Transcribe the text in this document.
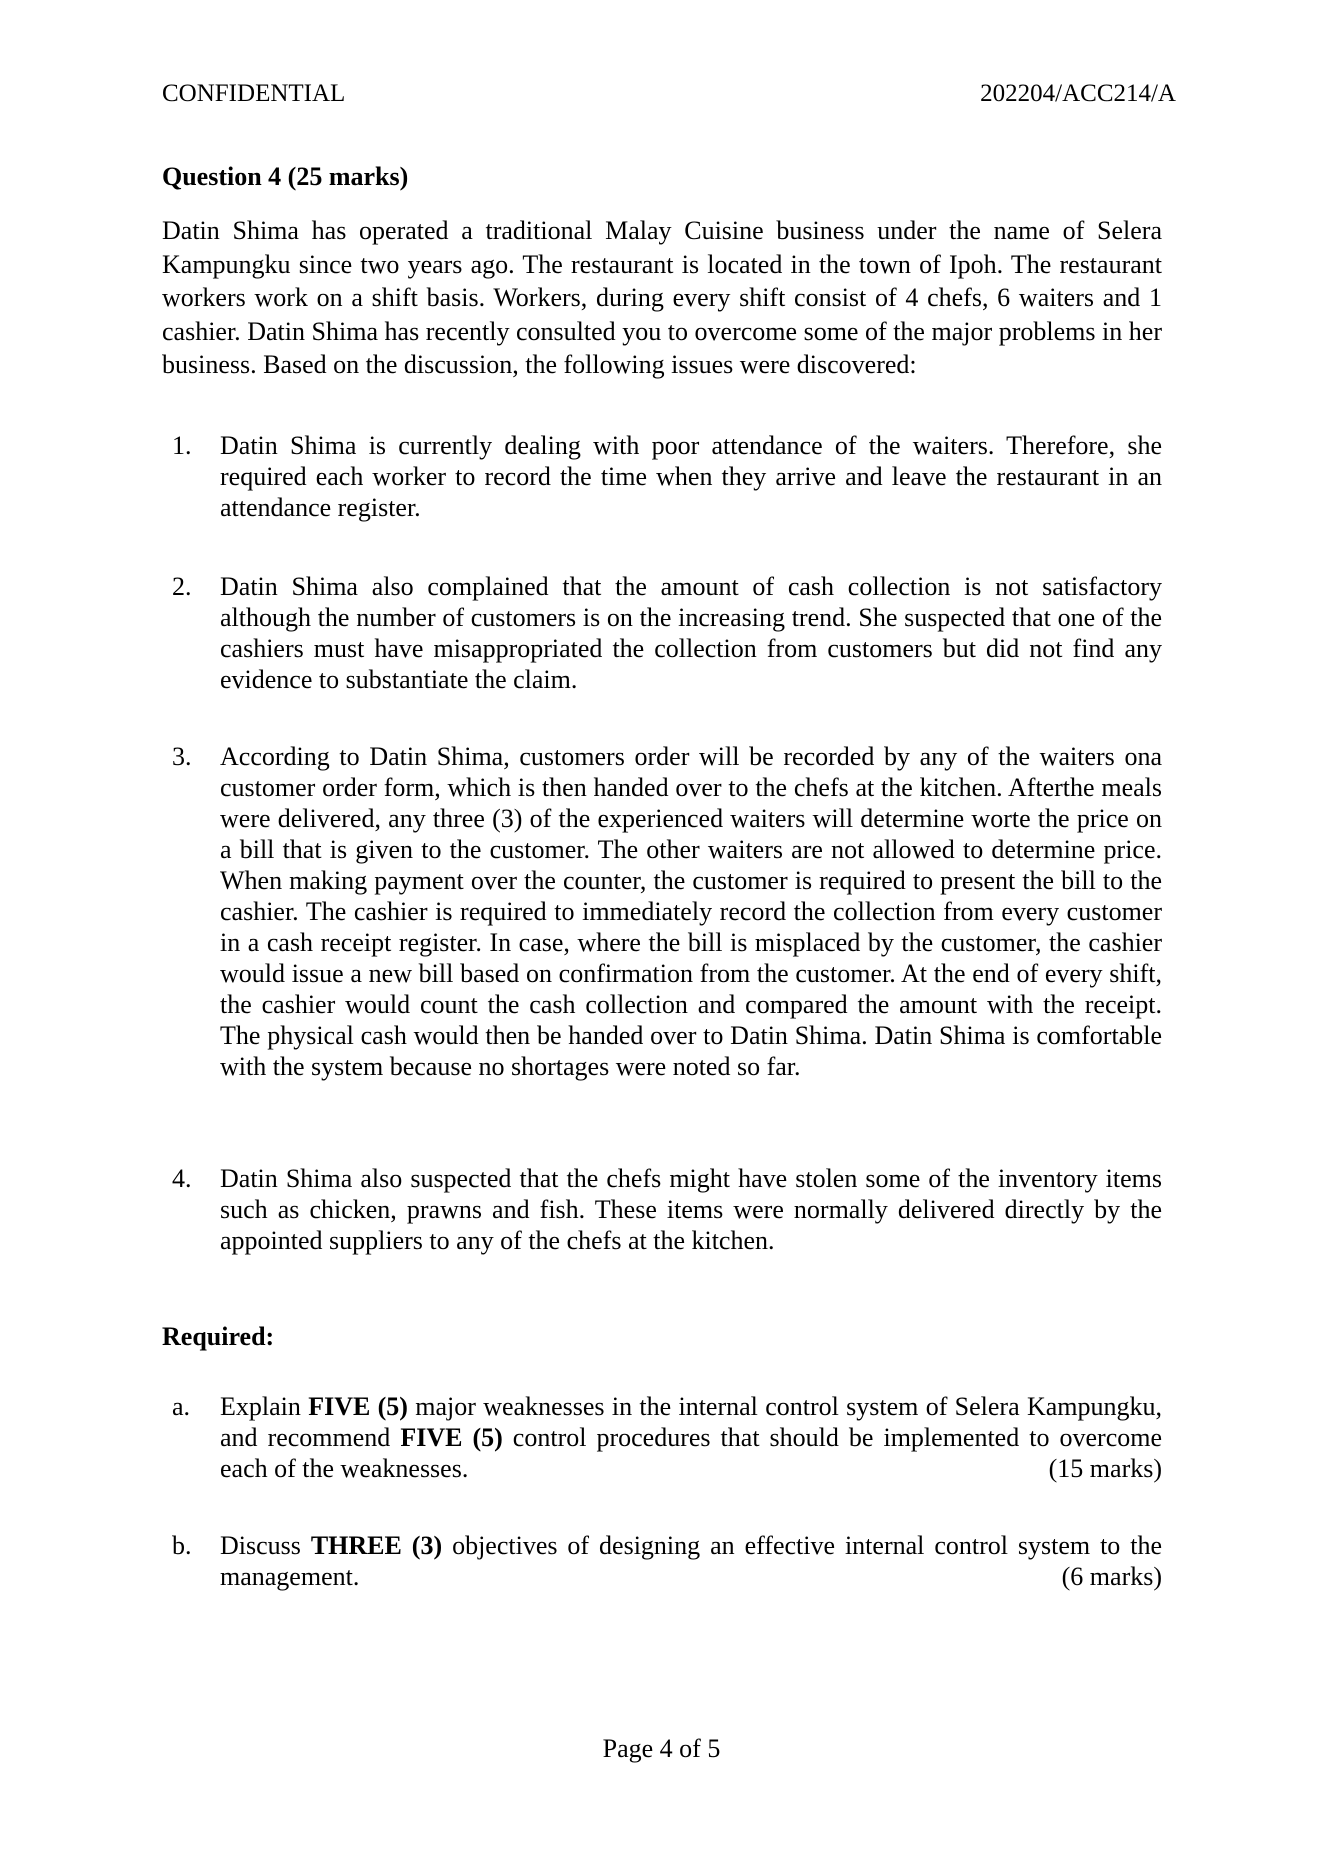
CONFIDENTIAL	202204/ACC214/A
Question 4 (25 marks)

Datin Shima has operated a traditional Malay Cuisine business under the name of Selera Kampungku since two years ago. The restaurant is located in the town of Ipoh. The restaurant workers work on a shift basis. Workers, during every shift consist of 4 chefs, 6 waiters and 1 cashier. Datin Shima has recently consulted you to overcome some of the major problems in her business. Based on the discussion, the following issues were discovered:

1. Datin Shima is currently dealing with poor attendance of the waiters. Therefore, she required each worker to record the time when they arrive and leave the restaurant in an attendance register.
2. Datin Shima also complained that the amount of cash collection is not satisfactory although the number of customers is on the increasing trend. She suspected that one of the cashiers must have misappropriated the collection from customers but did not find any evidence to substantiate the claim.
3. According to Datin Shima, customers order will be recorded by any of the waiters ona customer order form, which is then handed over to the chefs at the kitchen. Afterthe meals were delivered, any three (3) of the experienced waiters will determine worte the price on a bill that is given to the customer. The other waiters are not allowed to determine price. When making payment over the counter, the customer is required to present the bill to the cashier. The cashier is required to immediately record the collection from every customer in a cash receipt register. In case, where the bill is misplaced by the customer, the cashier would issue a new bill based on confirmation from the customer. At the end of every shift, the cashier would count the cash collection and compared the amount with the receipt. The physical cash would then be handed over to Datin Shima. Datin Shima is comfortable with the system because no shortages were noted so far.
4. Datin Shima also suspected that the chefs might have stolen some of the inventory items such as chicken, prawns and fish. These items were normally delivered directly by the appointed suppliers to any of the chefs at the kitchen.
Required:
a. Explain FIVE (5) major weaknesses in the internal control system of Selera Kampungku, and recommend FIVE (5) control procedures that should be implemented to overcome each of the weaknesses.	(15 marks)
b. Discuss THREE (3) objectives of designing an effective internal control system to the management.	(6 marks)
Page 4 of 5
